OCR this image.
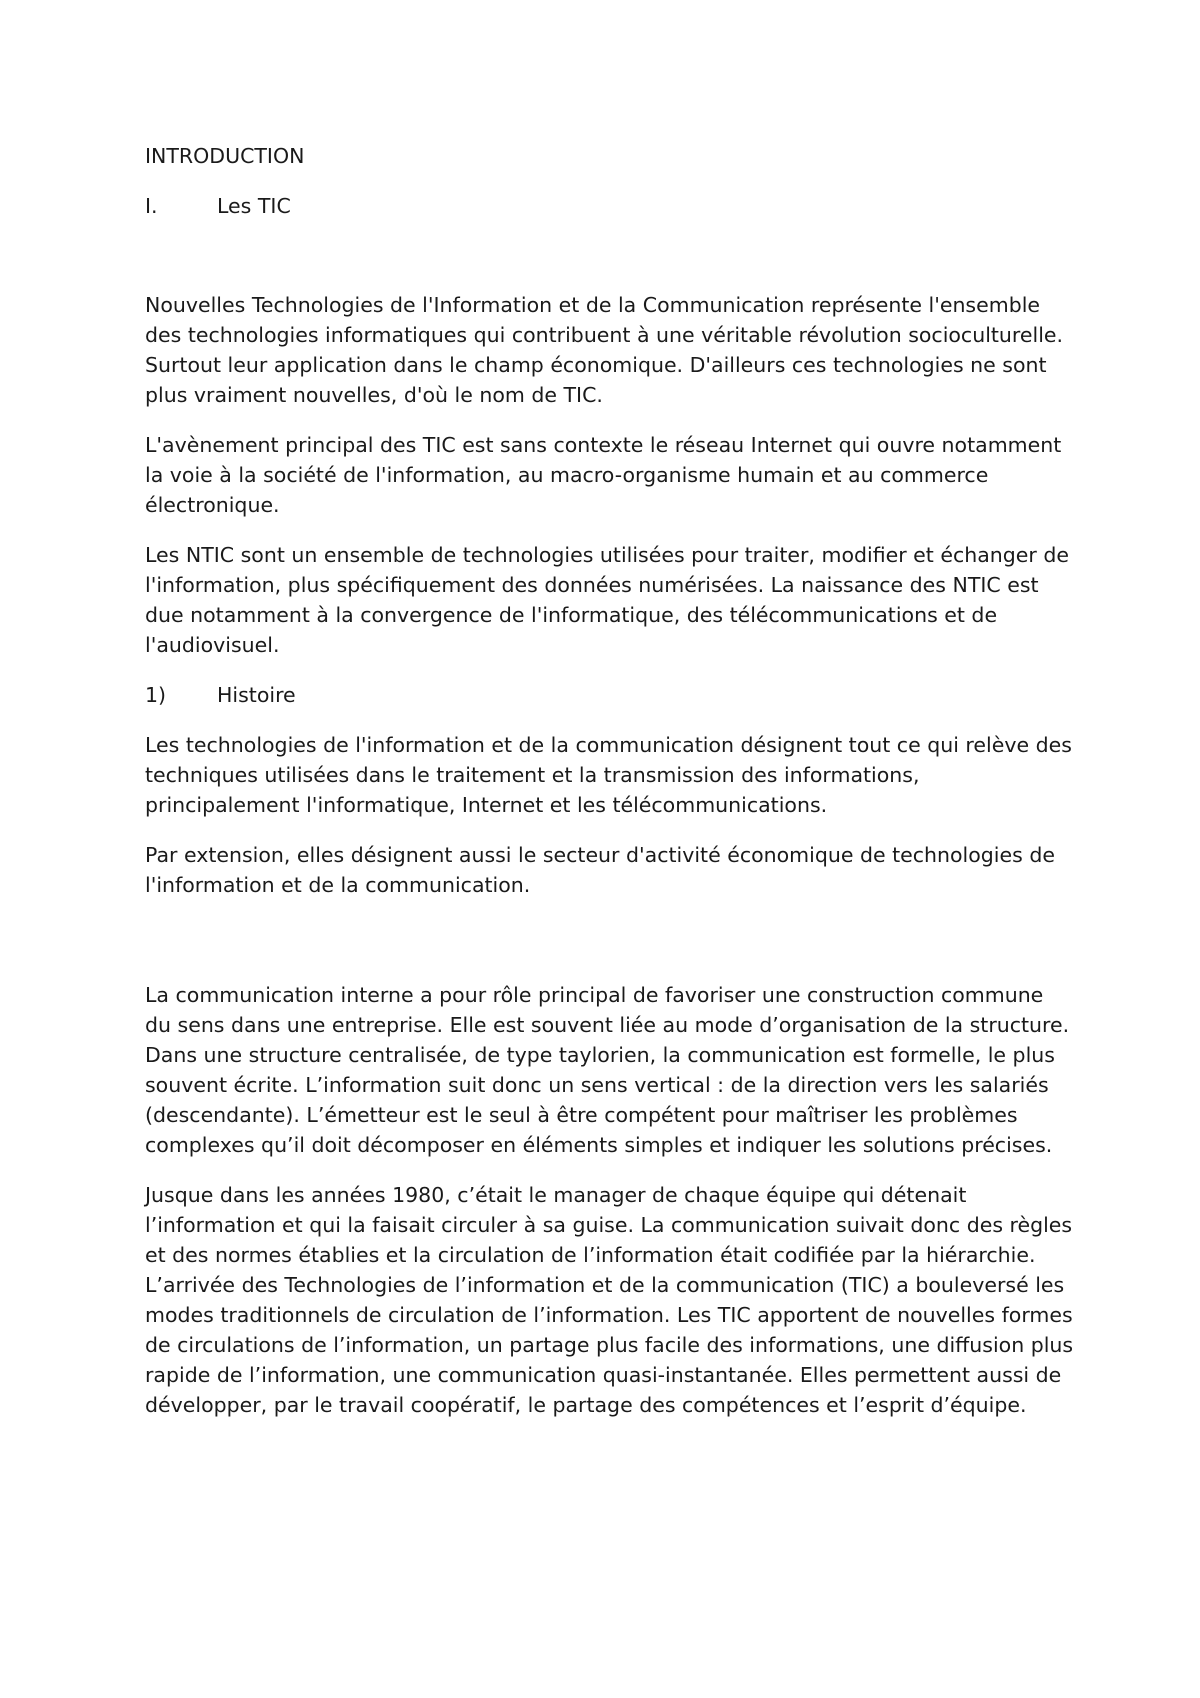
INTRODUCTION
I.	Les TIC

Nouvelles Technologies de l'Information et de la Communication représente l'ensemble des technologies informatiques qui contribuent à une véritable révolution socioculturelle. Surtout leur application dans le champ économique. D'ailleurs ces technologies ne sont plus vraiment nouvelles, d'où le nom de TIC.

L'avènement principal des TIC est sans contexte le réseau Internet qui ouvre notamment la voie à la société de l'information, au macro-organisme humain et au commerce électronique.

Les NTIC sont un ensemble de technologies utilisées pour traiter, modifier et échanger de l'information, plus spécifiquement des données numérisées. La naissance des NTIC est due notamment à la convergence de l'informatique, des télécommunications et de l'audiovisuel.

1)	Histoire

Les technologies de l'information et de la communication désignent tout ce qui relève des techniques utilisées dans le traitement et la transmission des informations, principalement l'informatique, Internet et les télécommunications.

Par extension, elles désignent aussi le secteur d'activité économique de technologies de l'information et de la communication.

La communication interne a pour rôle principal de favoriser une construction commune du sens dans une entreprise. Elle est souvent liée au mode d’organisation de la structure. Dans une structure centralisée, de type taylorien, la communication est formelle, le plus souvent écrite. L’information suit donc un sens vertical : de la direction vers les salariés (descendante). L’émetteur est le seul à être compétent pour maîtriser les problèmes complexes qu’il doit décomposer en éléments simples et indiquer les solutions précises.

Jusque dans les années 1980, c’était le manager de chaque équipe qui détenait l’information et qui la faisait circuler à sa guise. La communication suivait donc des règles et des normes établies et la circulation de l’information était codifiée par la hiérarchie. L’arrivée des Technologies de l’information et de la communication (TIC) a bouleversé les modes traditionnels de circulation de l’information. Les TIC apportent de nouvelles formes de circulations de l’information, un partage plus facile des informations, une diffusion plus rapide de l’information, une communication quasi-instantanée. Elles permettent aussi de développer, par le travail coopératif, le partage des compétences et l’esprit d’équipe.
